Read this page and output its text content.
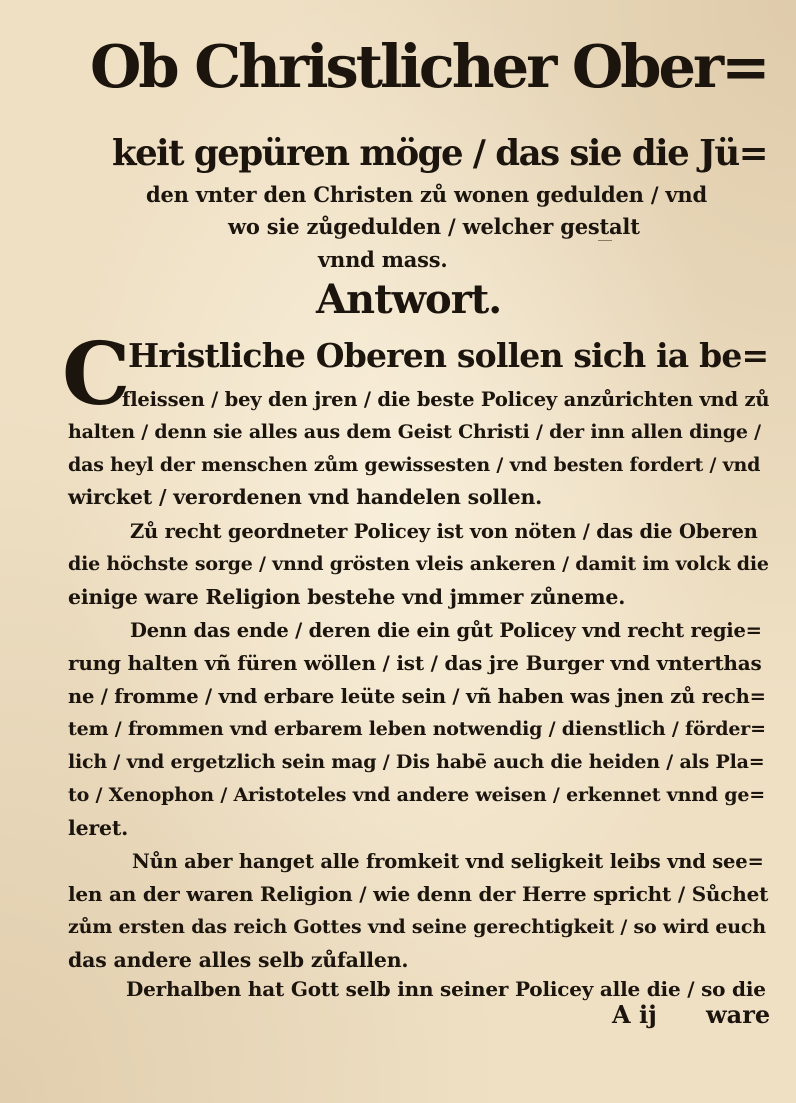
Ob Christlicher Ober=
keit gepüren möge / das sie die Jü=
den vnter den Christen zů wonen gedulden / vnd
wo sie zůgedulden / welcher gestalt
vnnd mass.
Antwort.
C
Hristliche Oberen sollen sich ia be=
fleissen / bey den jren / die beste Policey anzůrichten vnd zů
halten / denn sie alles aus dem Geist Christi / der inn allen dinge /
das heyl der menschen zům gewissesten / vnd besten fordert / vnd
wircket / verordenen vnd handelen sollen.
Zů recht geordneter Policey ist von nöten / das die Oberen
die höchste sorge / vnnd grösten vleis ankeren / damit im volck die
einige ware Religion bestehe vnd jmmer zůneme.
Denn das ende / deren die ein gůt Policey vnd recht regie=
rung halten vñ füren wöllen / ist / das jre Burger vnd vnterthas
ne / fromme / vnd erbare leüte sein / vñ haben was jnen zů rech=
tem / frommen vnd erbarem leben notwendig / dienstlich / förder=
lich / vnd ergetzlich sein mag / Dis habē auch die heiden / als Pla=
to / Xenophon / Aristoteles vnd andere weisen / erkennet vnnd ge=
leret.
Nůn aber hanget alle fromkeit vnd seligkeit leibs vnd see=
len an der waren Religion / wie denn der Herre spricht / Sůchet
zům ersten das reich Gottes vnd seine gerechtigkeit / so wird euch
das andere alles selb zůfallen.
Derhalben hat Gott selb inn seiner Policey alle die / so die
A ij ware
